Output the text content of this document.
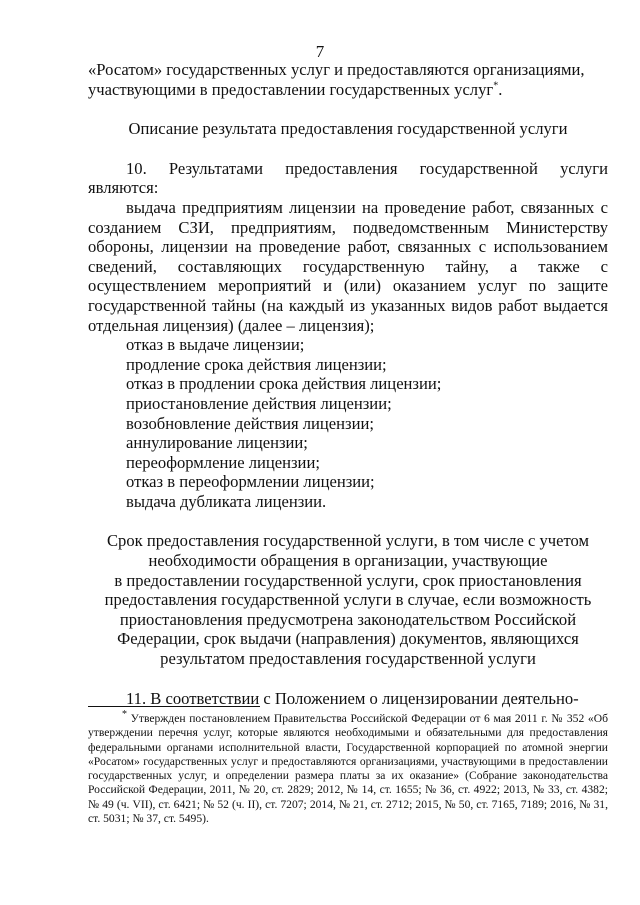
7

«Росатом» государственных услуг и предоставляются организациями,
участвующими в предоставлении государственных услуг*.

Описание результата предоставления государственной услуги

10. Результатами предоставления государственной услуги являются:

выдача предприятиям лицензии на проведение работ, связанных с созданием СЗИ, предприятиям, подведомственным Министерству обороны, лицензии на проведение работ, связанных с использованием сведений, составляющих государственную тайну, а также с осуществлением мероприятий и (или) оказанием услуг по защите государственной тайны (на каждый из указанных видов работ выдается отдельная лицензия) (далее – лицензия);

отказ в выдаче лицензии;

продление срока действия лицензии;

отказ в продлении срока действия лицензии;

приостановление действия лицензии;

возобновление действия лицензии;

аннулирование лицензии;

переоформление лицензии;

отказ в переоформлении лицензии;

выдача дубликата лицензии.

Срок предоставления государственной услуги, в том числе с учетом
необходимости обращения в организации, участвующие
в предоставлении государственной услуги, срок приостановления
предоставления государственной услуги в случае, если возможность
приостановления предусмотрена законодательством Российской
Федерации, срок выдачи (направления) документов, являющихся
результатом предоставления государственной услуги

11. В соответствии с Положением о лицензировании деятельно-

* Утвержден постановлением Правительства Российской Федерации от 6 мая 2011 г. № 352 «Об утверждении перечня услуг, которые являются необходимыми и обязательными для предоставления федеральными органами исполнительной власти, Государственной корпорацией по атомной энергии «Росатом» государственных услуг и предоставляются организациями, участвующими в предоставлении государственных услуг, и определении размера платы за их оказание» (Собрание законодательства Российской Федерации, 2011, № 20, ст. 2829; 2012, № 14, ст. 1655; № 36, ст. 4922; 2013, № 33, ст. 4382; № 49 (ч. VII), ст. 6421; № 52 (ч. II), ст. 7207; 2014, № 21, ст. 2712; 2015, № 50, ст. 7165, 7189; 2016, № 31, ст. 5031; № 37, ст. 5495).
